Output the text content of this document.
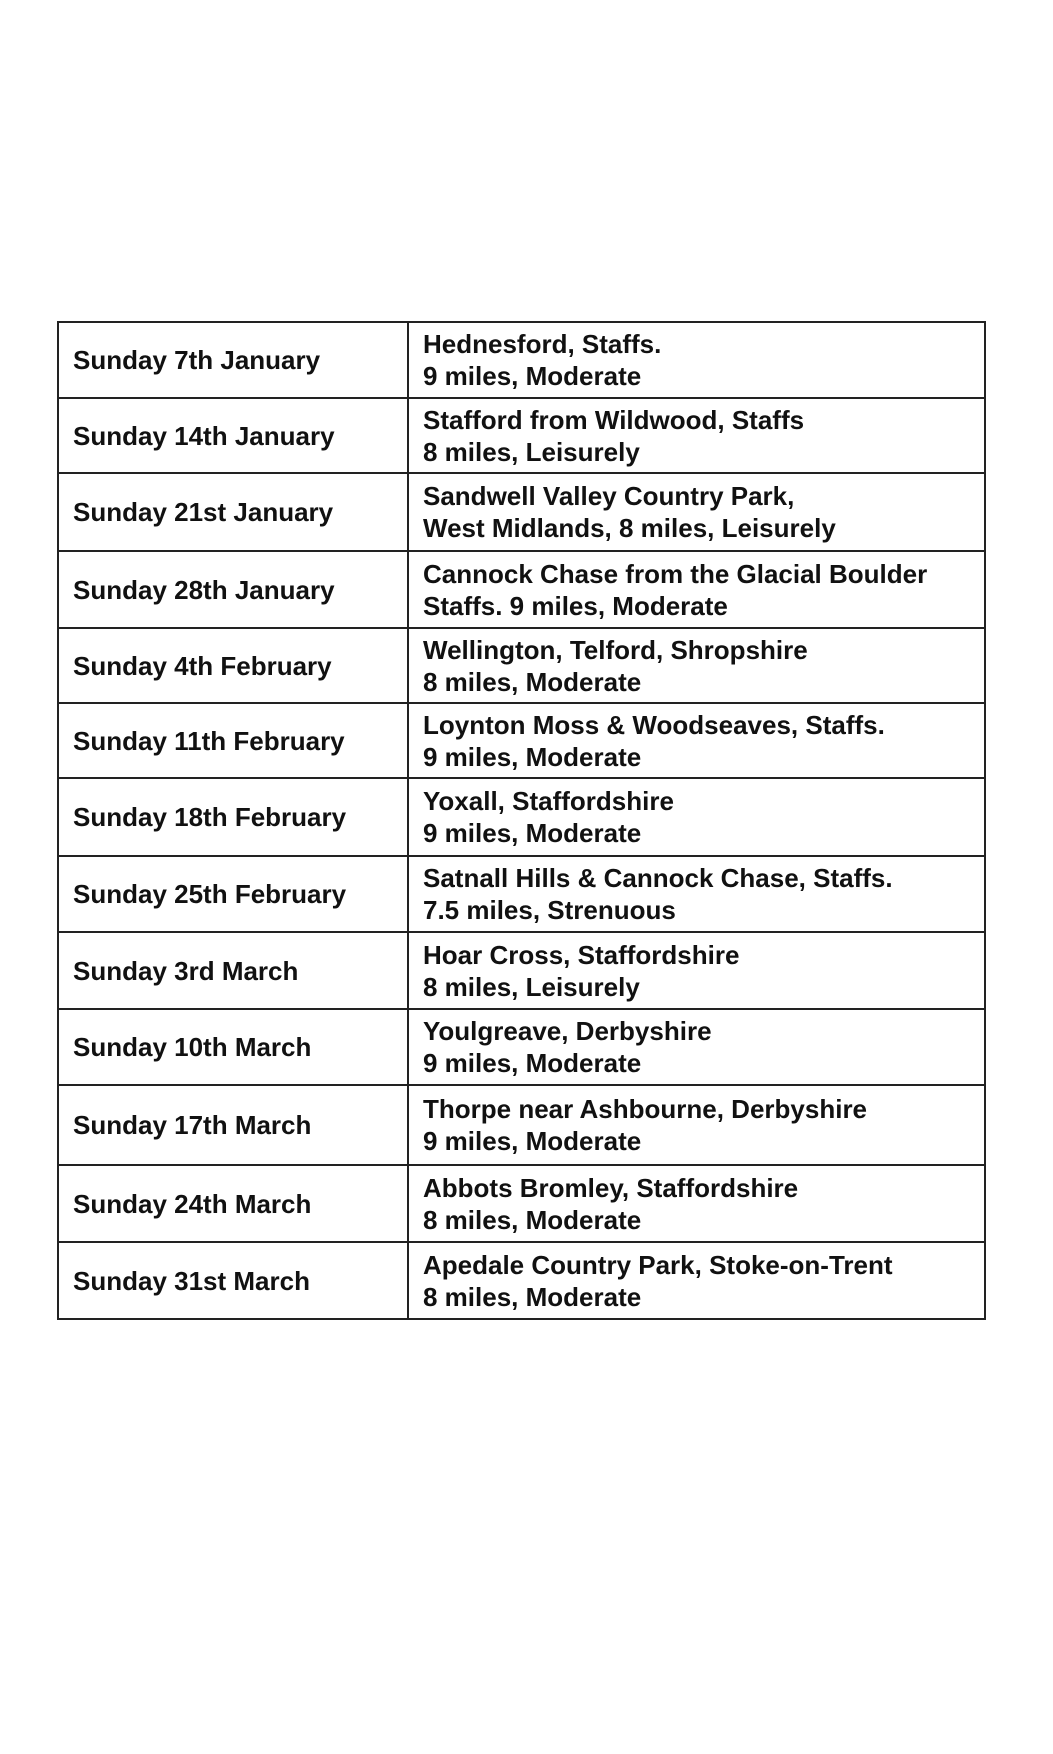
Sunday 7th January	Hednesford, Staffs.
9 miles, Moderate

Sunday 14th January	Stafford from Wildwood, Staffs
8 miles, Leisurely

Sunday 21st January	Sandwell Valley Country Park,
West Midlands, 8 miles, Leisurely

Sunday 28th January	Cannock Chase from the Glacial Boulder
Staffs. 9 miles, Moderate

Sunday 4th February	Wellington, Telford, Shropshire
8 miles, Moderate

Sunday 11th February	Loynton Moss & Woodseaves, Staffs.
9 miles, Moderate

Sunday 18th February	Yoxall, Staffordshire
9 miles, Moderate

Sunday 25th February	Satnall Hills & Cannock Chase, Staffs.
7.5 miles, Strenuous

Sunday 3rd March	Hoar Cross, Staffordshire
8 miles, Leisurely

Sunday 10th March	Youlgreave, Derbyshire
9 miles, Moderate

Sunday 17th March	Thorpe near Ashbourne, Derbyshire
9 miles, Moderate

Sunday 24th March	Abbots Bromley, Staffordshire
8 miles, Moderate

Sunday 31st March	Apedale Country Park, Stoke-on-Trent
8 miles, Moderate
